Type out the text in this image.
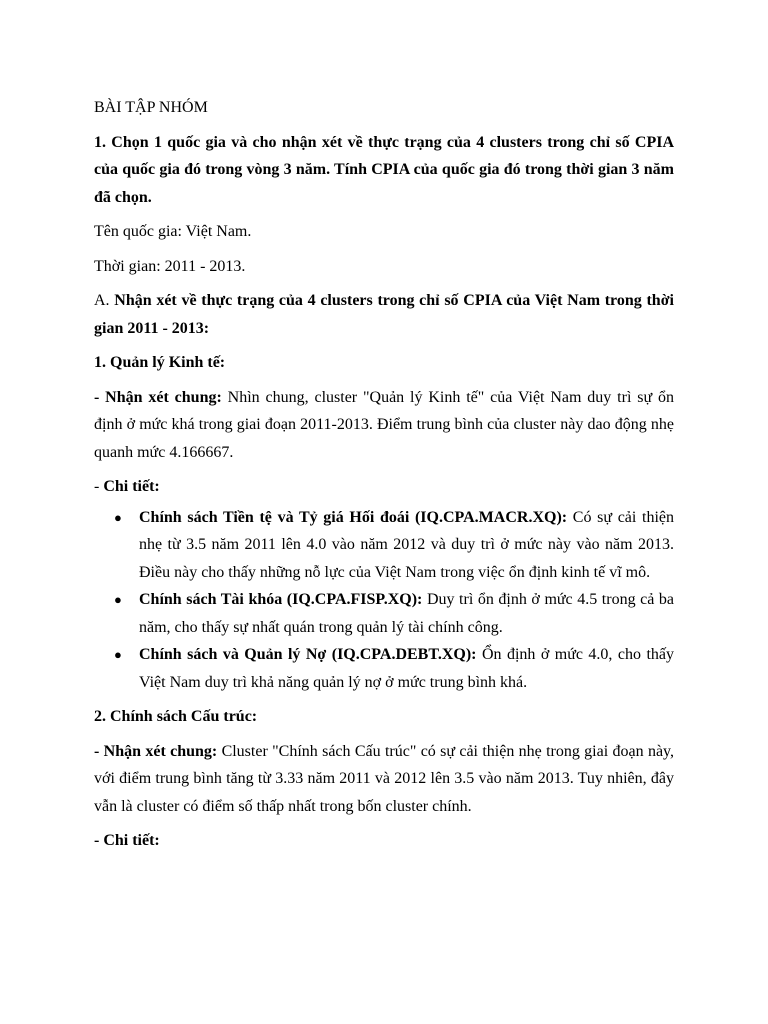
BÀI TẬP NHÓM

1. Chọn 1 quốc gia và cho nhận xét về thực trạng của 4 clusters trong chỉ số CPIA của quốc gia đó trong vòng 3 năm. Tính CPIA của quốc gia đó trong thời gian 3 năm đã chọn.

Tên quốc gia: Việt Nam.

Thời gian: 2011 - 2013.

A. Nhận xét về thực trạng của 4 clusters trong chỉ số CPIA của Việt Nam trong thời gian 2011 - 2013:

1. Quản lý Kinh tế:

- Nhận xét chung: Nhìn chung, cluster "Quản lý Kinh tế" của Việt Nam duy trì sự ổn định ở mức khá trong giai đoạn 2011-2013. Điểm trung bình của cluster này dao động nhẹ quanh mức 4.166667.

- Chi tiết:

● Chính sách Tiền tệ và Tỷ giá Hối đoái (IQ.CPA.MACR.XQ): Có sự cải thiện nhẹ từ 3.5 năm 2011 lên 4.0 vào năm 2012 và duy trì ở mức này vào năm 2013. Điều này cho thấy những nỗ lực của Việt Nam trong việc ổn định kinh tế vĩ mô.
● Chính sách Tài khóa (IQ.CPA.FISP.XQ): Duy trì ổn định ở mức 4.5 trong cả ba năm, cho thấy sự nhất quán trong quản lý tài chính công.
● Chính sách và Quản lý Nợ (IQ.CPA.DEBT.XQ): Ổn định ở mức 4.0, cho thấy Việt Nam duy trì khả năng quản lý nợ ở mức trung bình khá.

2. Chính sách Cấu trúc:

- Nhận xét chung: Cluster "Chính sách Cấu trúc" có sự cải thiện nhẹ trong giai đoạn này, với điểm trung bình tăng từ 3.33 năm 2011 và 2012 lên 3.5 vào năm 2013. Tuy nhiên, đây vẫn là cluster có điểm số thấp nhất trong bốn cluster chính.

- Chi tiết:
